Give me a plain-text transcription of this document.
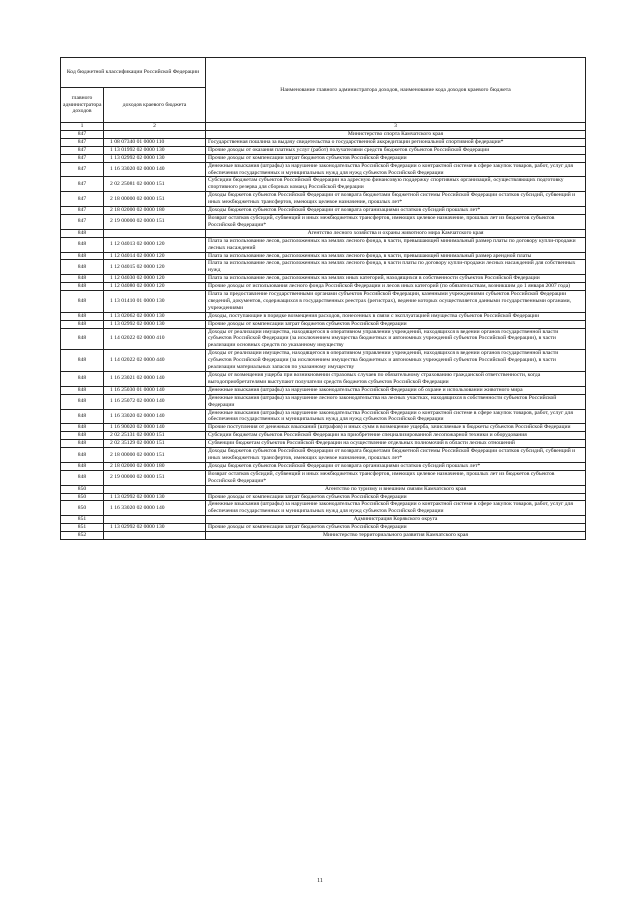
Код бюджетной классификации Российской Федерации		Наименование главного администратора доходов, наименование кода доходов краевого бюджета
главного администратора доходов	доходов краевого бюджета	
1	2	3
847		Министерство спорта Камчатского края
847	1 08 07340 01 0000 110	Государственная пошлина за выдачу свидетельства о государственной аккредитации региональной спортивной федерации*
847	1 13 01992 02 0000 130	Прочие доходы от оказания платных услуг (работ) получателями средств бюджетов субъектов Российской Федерации
847	1 13 02992 02 0000 130	Прочие доходы от компенсации затрат бюджетов субъектов Российской Федерации
847	1 16 33020 02 0000 140	Денежные взыскания (штрафы) за нарушение законодательства Российской Федерации о контрактной системе в сфере закупок товаров, работ, услуг для обеспечения государственных и муниципальных нужд для нужд субъектов Российской Федерации
847	2 02 25081 02 0000 151	Субсидии бюджетам субъектов Российской Федерации на адресную финансовую поддержку спортивных организаций, осуществляющих подготовку спортивного резерва для сборных команд Российской Федерации
847	2 18 00000 02 0000 151	Доходы бюджетов субъектов Российской Федерации от возврата бюджетами бюджетной системы Российской Федерации остатков субсидий, субвенций и иных межбюджетных трансфертов, имеющих целевое назначение, прошлых лет*
847	2 18 02000 02 0000 180	Доходы бюджетов субъектов Российской Федерации от возврата организациями остатков субсидий прошлых лет*
847	2 19 00000 02 0000 151	Возврат остатков субсидий, субвенций и иных межбюджетных трансфертов, имеющих целевое назначение, прошлых лет из бюджетов субъектов Российской Федерации*
848		Агентство лесного хозяйства и охраны животного мира Камчатского края
848	1 12 04013 02 0000 120	Плата за использование лесов, расположенных на землях лесного фонда, в части, превышающей минимальный размер платы по договору купли-продажи лесных насаждений
848	1 12 04014 02 0000 120	Плата за использование лесов, расположенных на землях лесного фонда, в части, превышающей минимальный размер арендной платы
848	1 12 04015 02 0000 120	Плата за использование лесов, расположенных на землях лесного фонда, в части платы по договору купли-продажи лесных насаждений для собственных нужд
848	1 12 04030 02 0000 120	Плата за использование лесов, расположенных на землях иных категорий, находящихся в собственности субъектов Российской Федерации
848	1 12 04080 02 0000 120	Прочие доходы от использования лесного фонда Российской Федерации и лесов иных категорий (по обязательствам, возникшим до 1 января 2007 года)
848	1 13 01410 01 0000 130	Плата за предоставление государственными органами субъектов Российской Федерации, казенными учреждениями субъектов Российской Федерации сведений, документов, содержащихся в государственных реестрах (регистрах), ведение которых осуществляется данными государственными органами, учреждениями
848	1 13 02062 02 0000 130	Доходы, поступающие в порядке возмещения расходов, понесенных в связи с эксплуатацией имущества субъектов Российской Федерации
848	1 13 02992 02 0000 130	Прочие доходы от компенсации затрат бюджетов субъектов Российской Федерации
848	1 14 02022 02 0000 410	Доходы от реализации имущества, находящегося в оперативном управлении учреждений, находящихся в ведении органов государственной власти субъектов Российской Федерации (за исключением имущества бюджетных и автономных учреждений субъектов Российской Федерации), в части реализации основных средств по указанному имуществу
848	1 14 02022 02 0000 440	Доходы от реализации имущества, находящегося в оперативном управлении учреждений, находящихся в ведении органов государственной власти субъектов Российской Федерации (за исключением имущества бюджетных и автономных учреждений субъектов Российской Федерации), в части реализации материальных запасов по указанному имуществу
848	1 16 23021 02 0000 140	Доходы от возмещения ущерба при возникновении страховых случаев по обязательному страхованию гражданской ответственности, когда выгодоприобретателями выступают получатели средств бюджетов субъектов Российской Федерации
848	1 16 25030 01 0000 140	Денежные взыскания (штрафы) за нарушение законодательства Российской Федерации об охране и использовании животного мира
848	1 16 25072 02 0000 140	Денежные взыскания (штрафы) за нарушение лесного законодательства на лесных участках, находящихся в собственности субъектов Российской Федерации
848	1 16 33020 02 0000 140	Денежные взыскания (штрафы) за нарушение законодательства Российской Федерации о контрактной системе в сфере закупок товаров, работ, услуг для обеспечения государственных и муниципальных нужд для нужд субъектов Российской Федерации
848	1 16 90020 02 0000 140	Прочие поступления от денежных взысканий (штрафов) и иных сумм в возмещение ущерба, зачисляемые в бюджеты субъектов Российской Федерации
848	2 02 25131 02 0000 151	Субсидии бюджетам субъектов Российской Федерации на приобретение специализированной лесопожарной техники и оборудования
848	2 02 35129 02 0000 151	Субвенции бюджетам субъектов Российской Федерации на осуществление отдельных полномочий в области лесных отношений
848	2 18 00000 02 0000 151	Доходы бюджетов субъектов Российской Федерации от возврата бюджетами бюджетной системы Российской Федерации остатков субсидий, субвенций и иных межбюджетных трансфертов, имеющих целевое назначение, прошлых лет*
848	2 18 02000 02 0000 180	Доходы бюджетов субъектов Российской Федерации от возврата организациями остатков субсидий прошлых лет*
848	2 19 00000 02 0000 151	Возврат остатков субсидий, субвенций и иных межбюджетных трансфертов, имеющих целевое назначение, прошлых лет из бюджетов субъектов Российской Федерации*
850		Агентство по туризму и внешним связям Камчатского края
850	1 13 02992 02 0000 130	Прочие доходы от компенсации затрат бюджетов субъектов Российской Федерации
850	1 16 33020 02 0000 140	Денежные взыскания (штрафы) за нарушение законодательства Российской Федерации о контрактной системе в сфере закупок товаров, работ, услуг для обеспечения государственных и муниципальных нужд для нужд субъектов Российской Федерации
851		Администрация Корякского округа
851	1 13 02992 02 0000 130	Прочие доходы от компенсации затрат бюджетов субъектов Российской Федерации
852		Министерство территориального развития Камчатского края
11
